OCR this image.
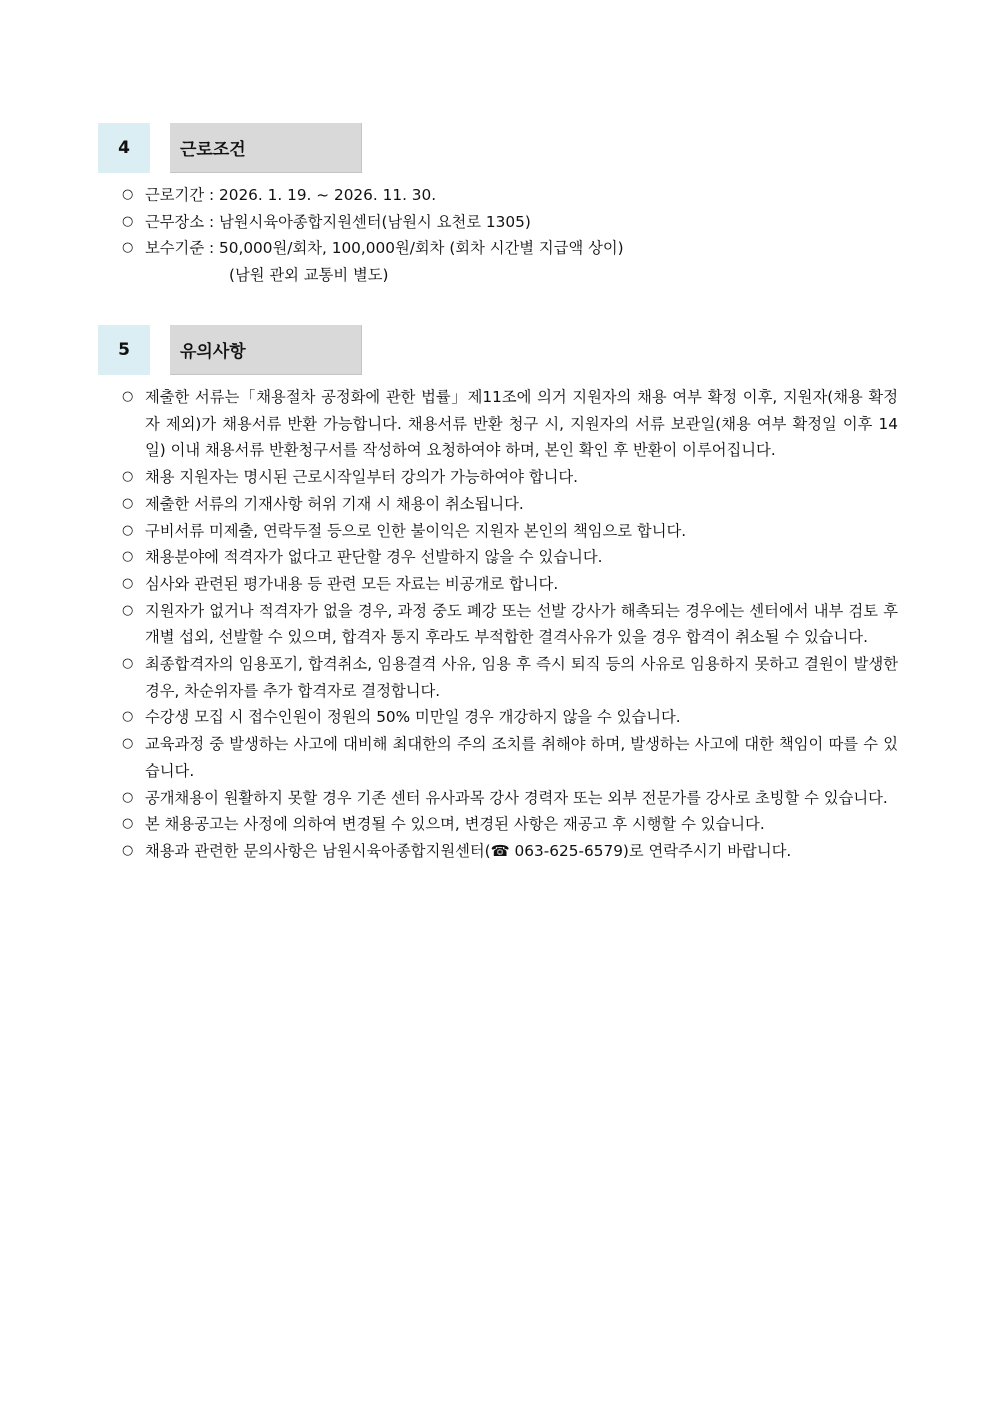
4	근로조건
○ 근로기간 : 2026. 1. 19. ~ 2026. 11. 30.
○ 근무장소 : 남원시육아종합지원센터(남원시 요천로 1305)
○ 보수기준 : 50,000원/회차, 100,000원/회차 (회차 시간별 지급액 상이)
(남원 관외 교통비 별도)
5	유의사항
○ 제출한 서류는「채용절차 공정화에 관한 법률」제11조에 의거 지원자의 채용 여부 확정 이후, 지원자(채용 확정자 제외)가 채용서류 반환 가능합니다. 채용서류 반환 청구 시, 지원자의 서류 보관일(채용 여부 확정일 이후 14일) 이내 채용서류 반환청구서를 작성하여 요청하여야 하며, 본인 확인 후 반환이 이루어집니다.
○ 채용 지원자는 명시된 근로시작일부터 강의가 가능하여야 합니다.
○ 제출한 서류의 기재사항 허위 기재 시 채용이 취소됩니다.
○ 구비서류 미제출, 연락두절 등으로 인한 불이익은 지원자 본인의 책임으로 합니다.
○ 채용분야에 적격자가 없다고 판단할 경우 선발하지 않을 수 있습니다.
○ 심사와 관련된 평가내용 등 관련 모든 자료는 비공개로 합니다.
○ 지원자가 없거나 적격자가 없을 경우, 과정 중도 폐강 또는 선발 강사가 해촉되는 경우에는 센터에서 내부 검토 후 개별 섭외, 선발할 수 있으며, 합격자 통지 후라도 부적합한 결격사유가 있을 경우 합격이 취소될 수 있습니다.
○ 최종합격자의 임용포기, 합격취소, 임용결격 사유, 임용 후 즉시 퇴직 등의 사유로 임용하지 못하고 결원이 발생한 경우, 차순위자를 추가 합격자로 결정합니다.
○ 수강생 모집 시 접수인원이 정원의 50% 미만일 경우 개강하지 않을 수 있습니다.
○ 교육과정 중 발생하는 사고에 대비해 최대한의 주의 조치를 취해야 하며, 발생하는 사고에 대한 책임이 따를 수 있습니다.
○ 공개채용이 원활하지 못할 경우 기존 센터 유사과목 강사 경력자 또는 외부 전문가를 강사로 초빙할 수 있습니다.
○ 본 채용공고는 사정에 의하여 변경될 수 있으며, 변경된 사항은 재공고 후 시행할 수 있습니다.
○ 채용과 관련한 문의사항은 남원시육아종합지원센터(☎ 063-625-6579)로 연락주시기 바랍니다.
